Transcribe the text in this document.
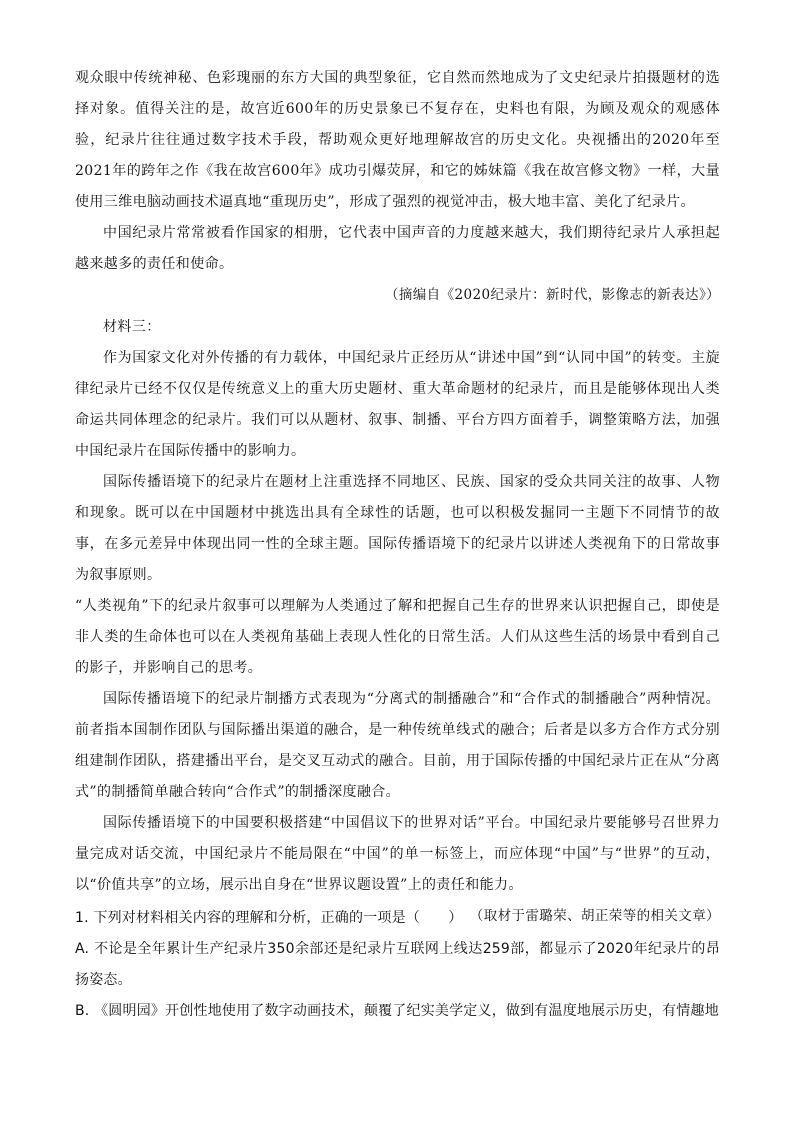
观众眼中传统神秘、色彩瑰丽的东方大国的典型象征，它自然而然地成为了文史纪录片拍摄题材的选择对象。值得关注的是，故宫近600年的历史景象已不复存在，史料也有限，为顾及观众的观感体验，纪录片往往通过数字技术手段，帮助观众更好地理解故宫的历史文化。央视播出的2020年至2021年的跨年之作《我在故宫600年》成功引爆荧屏，和它的姊妹篇《我在故宫修文物》一样，大量使用三维电脑动画技术逼真地“重现历史”，形成了强烈的视觉冲击，极大地丰富、美化了纪录片。

中国纪录片常常被看作国家的相册，它代表中国声音的力度越来越大，我们期待纪录片人承担起越来越多的责任和使命。

（摘编自《2020纪录片：新时代，影像志的新表达》）

材料三：

作为国家文化对外传播的有力载体，中国纪录片正经历从“讲述中国”到“认同中国”的转变。主旋律纪录片已经不仅仅是传统意义上的重大历史题材、重大革命题材的纪录片，而且是能够体现出人类命运共同体理念的纪录片。我们可以从题材、叙事、制播、平台方四方面着手，调整策略方法，加强中国纪录片在国际传播中的影响力。

国际传播语境下的纪录片在题材上注重选择不同地区、民族、国家的受众共同关注的故事、人物和现象。既可以在中国题材中挑选出具有全球性的话题，也可以积极发掘同一主题下不同情节的故事，在多元差异中体现出同一性的全球主题。国际传播语境下的纪录片以讲述人类视角下的日常故事为叙事原则。

“人类视角”下的纪录片叙事可以理解为人类通过了解和把握自己生存的世界来认识把握自己，即使是非人类的生命体也可以在人类视角基础上表现人性化的日常生活。人们从这些生活的场景中看到自己的影子，并影响自己的思考。

国际传播语境下的纪录片制播方式表现为“分离式的制播融合”和“合作式的制播融合”两种情况。前者指本国制作团队与国际播出渠道的融合，是一种传统单线式的融合；后者是以多方合作方式分别组建制作团队，搭建播出平台，是交叉互动式的融合。目前，用于国际传播的中国纪录片正在从“分离式”的制播简单融合转向“合作式”的制播深度融合。

国际传播语境下的中国要积极搭建“中国倡议下的世界对话”平台。中国纪录片要能够号召世界力量完成对话交流，中国纪录片不能局限在“中国”的单一标签上，而应体现“中国”与“世界”的互动，以“价值共享”的立场，展示出自身在“世界议题设置”上的责任和能力。

（取材于雷璐荣、胡正荣等的相关文章）

1. 下列对材料相关内容的理解和分析，正确的一项是（　　）

A. 不论是全年累计生产纪录片350余部还是纪录片互联网上线达259部，都显示了2020年纪录片的昂扬姿态。

B. 《圆明园》开创性地使用了数字动画技术，颠覆了纪实美学定义，做到有温度地展示历史，有情趣地
